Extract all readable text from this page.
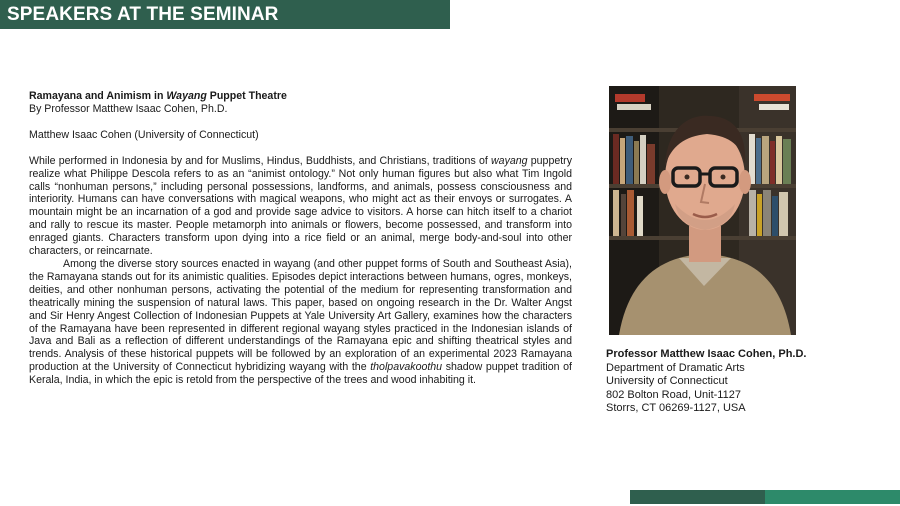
SPEAKERS AT THE SEMINAR
Ramayana and Animism in Wayang Puppet Theatre
By Professor Matthew Isaac Cohen, Ph.D.
Matthew Isaac Cohen (University of Connecticut)

While performed in Indonesia by and for Muslims, Hindus, Buddhists, and Christians, traditions of wayang puppetry realize what Philippe Descola refers to as an “animist ontology.” Not only human figures but also what Tim Ingold calls “nonhuman persons,” including personal possessions, landforms, and animals, possess consciousness and interiority. Humans can have conversations with magical weapons, who might act as their envoys or surrogates. A mountain might be an incarnation of a god and provide sage advice to visitors. A horse can hitch itself to a chariot and rally to rescue its master. People metamorph into animals or flowers, become possessed, and transform into enraged giants. Characters transform upon dying into a rice field or an animal, merge body-and-soul into other characters, or reincarnate.

Among the diverse story sources enacted in wayang (and other puppet forms of South and Southeast Asia), the Ramayana stands out for its animistic qualities. Episodes depict interactions between humans, ogres, monkeys, deities, and other nonhuman persons, activating the potential of the medium for representing transformation and theatrically mining the suspension of natural laws. This paper, based on ongoing research in the Dr. Walter Angst and Sir Henry Angest Collection of Indonesian Puppets at Yale University Art Gallery, examines how the characters of the Ramayana have been represented in different regional wayang styles practiced in the Indonesian islands of Java and Bali as a reflection of different understandings of the Ramayana epic and shifting theatrical styles and trends. Analysis of these historical puppets will be followed by an exploration of an experimental 2023 Ramayana production at the University of Connecticut hybridizing wayang with the tholpavakoothu shadow puppet tradition of Kerala, India, in which the epic is retold from the perspective of the trees and wood inhabiting it.

Professor Matthew Isaac Cohen, Ph.D.
Department of Dramatic Arts
University of Connecticut
802 Bolton Road, Unit-1127
Storrs, CT 06269-1127, USA
